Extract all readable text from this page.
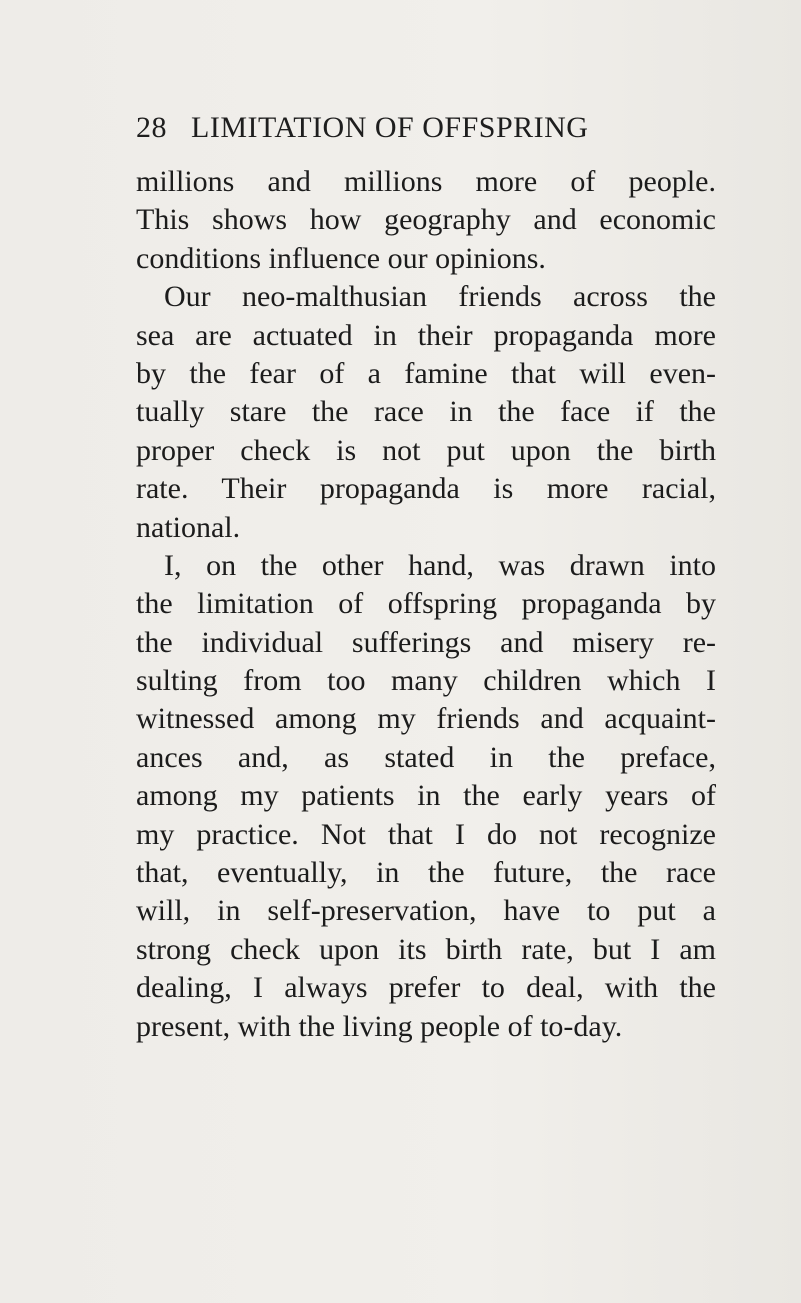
28 LIMITATION OF OFFSPRING
millions and millions more of people.
This shows how geography and economic
conditions influence our opinions.
Our neo-malthusian friends across the
sea are actuated in their propaganda more
by the fear of a famine that will even-
tually stare the race in the face if the
proper check is not put upon the birth
rate. Their propaganda is more racial,
national.
I, on the other hand, was drawn into
the limitation of offspring propaganda by
the individual sufferings and misery re-
sulting from too many children which I
witnessed among my friends and acquaint-
ances and, as stated in the preface,
among my patients in the early years of
my practice. Not that I do not recognize
that, eventually, in the future, the race
will, in self-preservation, have to put a
strong check upon its birth rate, but I am
dealing, I always prefer to deal, with the
present, with the living people of to-day.
